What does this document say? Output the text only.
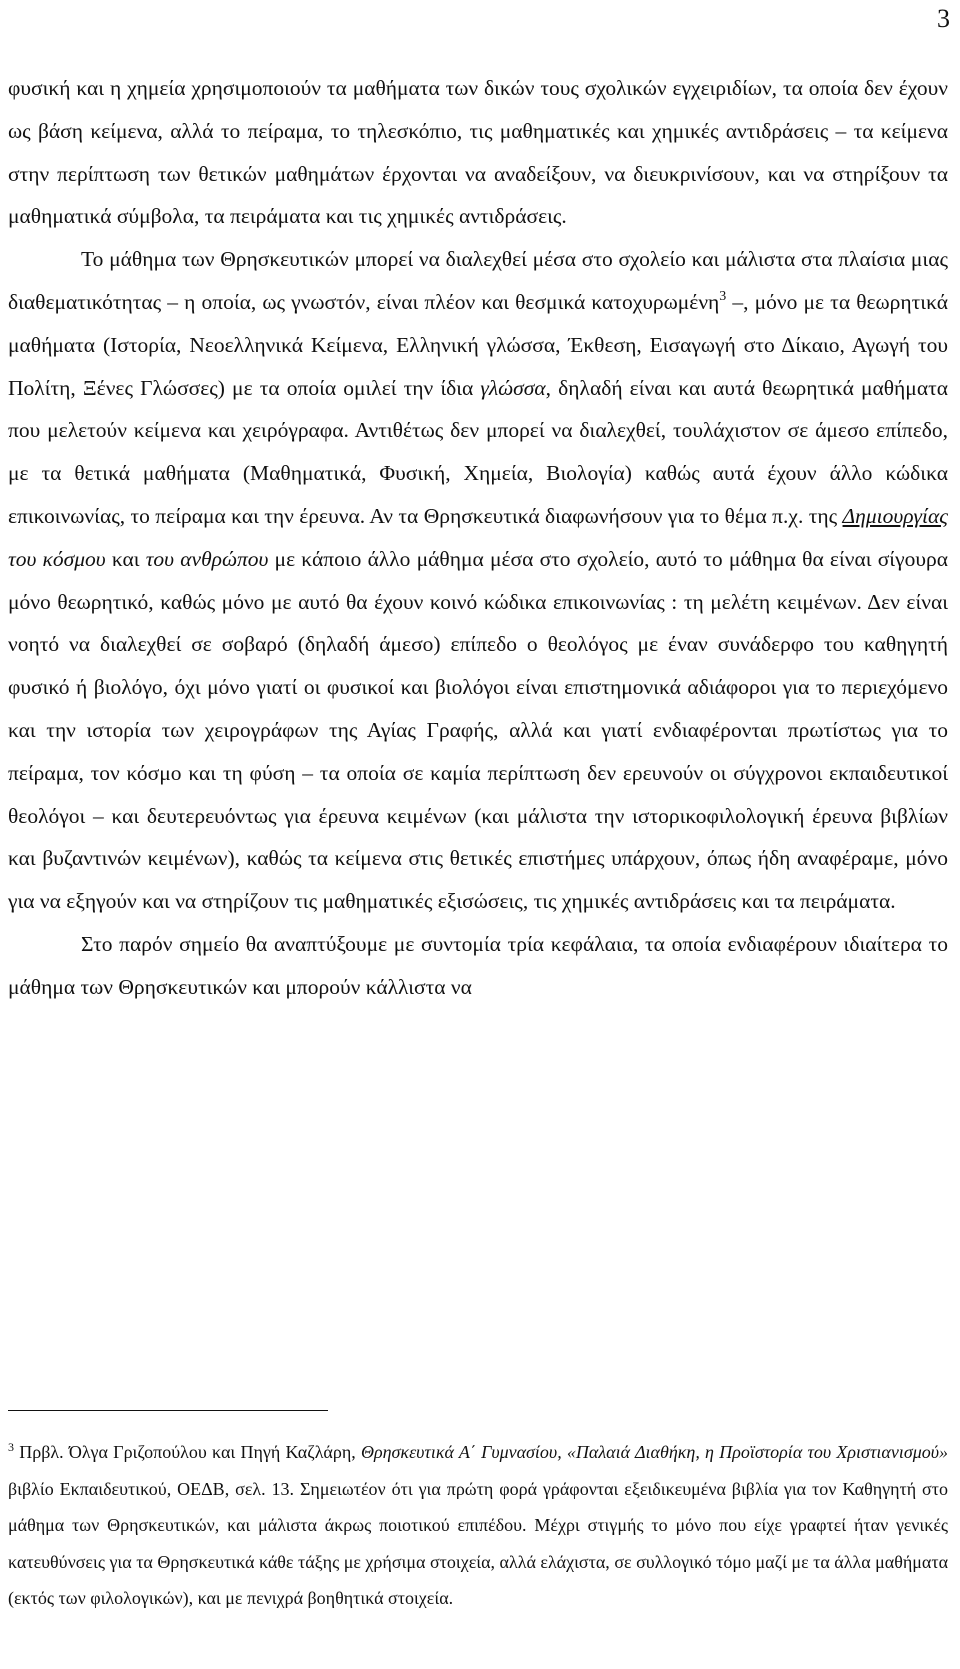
3

φυσική και η χημεία χρησιμοποιούν τα μαθήματα των δικών τους σχολικών εγχειριδίων, τα οποία δεν έχουν ως βάση κείμενα, αλλά το πείραμα, το τηλεσκόπιο, τις μαθηματικές και χημικές αντιδράσεις – τα κείμενα στην περίπτωση των θετικών μαθημάτων έρχονται να αναδείξουν, να διευκρινίσουν, και να στηρίξουν τα μαθηματικά σύμβολα, τα πειράματα και τις χημικές αντιδράσεις.

Το μάθημα των Θρησκευτικών μπορεί να διαλεχθεί μέσα στο σχολείο και μάλιστα στα πλαίσια μιας διαθεματικότητας – η οποία, ως γνωστόν, είναι πλέον και θεσμικά κατοχυρωμένη$^3$ –, μόνο με τα θεωρητικά μαθήματα (Ιστορία, Νεοελληνικά Κείμενα, Ελληνική γλώσσα, Έκθεση, Εισαγωγή στο Δίκαιο, Αγωγή του Πολίτη, Ξένες Γλώσσες) με τα οποία ομιλεί την ίδια γλώσσα, δηλαδή είναι και αυτά θεωρητικά μαθήματα που μελετούν κείμενα και χειρόγραφα. Αντιθέτως δεν μπορεί να διαλεχθεί, τουλάχιστον σε άμεσο επίπεδο, με τα θετικά μαθήματα (Μαθηματικά, Φυσική, Χημεία, Βιολογία) καθώς αυτά έχουν άλλο κώδικα επικοινωνίας, το πείραμα και την έρευνα. Αν τα Θρησκευτικά διαφωνήσουν για το θέμα π.χ. της Δημιουργίας του κόσμου και του ανθρώπου με κάποιο άλλο μάθημα μέσα στο σχολείο, αυτό το μάθημα θα είναι σίγουρα μόνο θεωρητικό, καθώς μόνο με αυτό θα έχουν κοινό κώδικα επικοινωνίας : τη μελέτη κειμένων. Δεν είναι νοητό να διαλεχθεί σε σοβαρό (δηλαδή άμεσο) επίπεδο ο θεολόγος με έναν συνάδερφο του καθηγητή φυσικό ή βιολόγο, όχι μόνο γιατί οι φυσικοί και βιολόγοι είναι επιστημονικά αδιάφοροι για το περιεχόμενο και την ιστορία των χειρογράφων της Αγίας Γραφής, αλλά και γιατί ενδιαφέρονται πρωτίστως για το πείραμα, τον κόσμο και τη φύση – τα οποία σε καμία περίπτωση δεν ερευνούν οι σύγχρονοι εκπαιδευτικοί θεολόγοι – και δευτερευόντως για έρευνα κειμένων (και μάλιστα την ιστορικοφιλολογική έρευνα βιβλίων και βυζαντινών κειμένων), καθώς τα κείμενα στις θετικές επιστήμες υπάρχουν, όπως ήδη αναφέραμε, μόνο για να εξηγούν και να στηρίζουν τις μαθηματικές εξισώσεις, τις χημικές αντιδράσεις και τα πειράματα.

Στο παρόν σημείο θα αναπτύξουμε με συντομία τρία κεφάλαια, τα οποία ενδιαφέρουν ιδιαίτερα το μάθημα των Θρησκευτικών και μπορούν κάλλιστα να

$^3$ Πρβλ. Όλγα Γριζοπούλου και Πηγή Καζλάρη, Θρησκευτικά Α΄ Γυμνασίου, «Παλαιά Διαθήκη, η Προϊστορία του Χριστιανισμού» βιβλίο Εκπαιδευτικού, ΟΕΔΒ, σελ. 13. Σημειωτέον ότι για πρώτη φορά γράφονται εξειδικευμένα βιβλία για τον Καθηγητή στο μάθημα των Θρησκευτικών, και μάλιστα άκρως ποιοτικού επιπέδου. Μέχρι στιγμής το μόνο που είχε γραφτεί ήταν γενικές κατευθύνσεις για τα Θρησκευτικά κάθε τάξης με χρήσιμα στοιχεία, αλλά ελάχιστα, σε συλλογικό τόμο μαζί με τα άλλα μαθήματα (εκτός των φιλολογικών), και με πενιχρά βοηθητικά στοιχεία.
